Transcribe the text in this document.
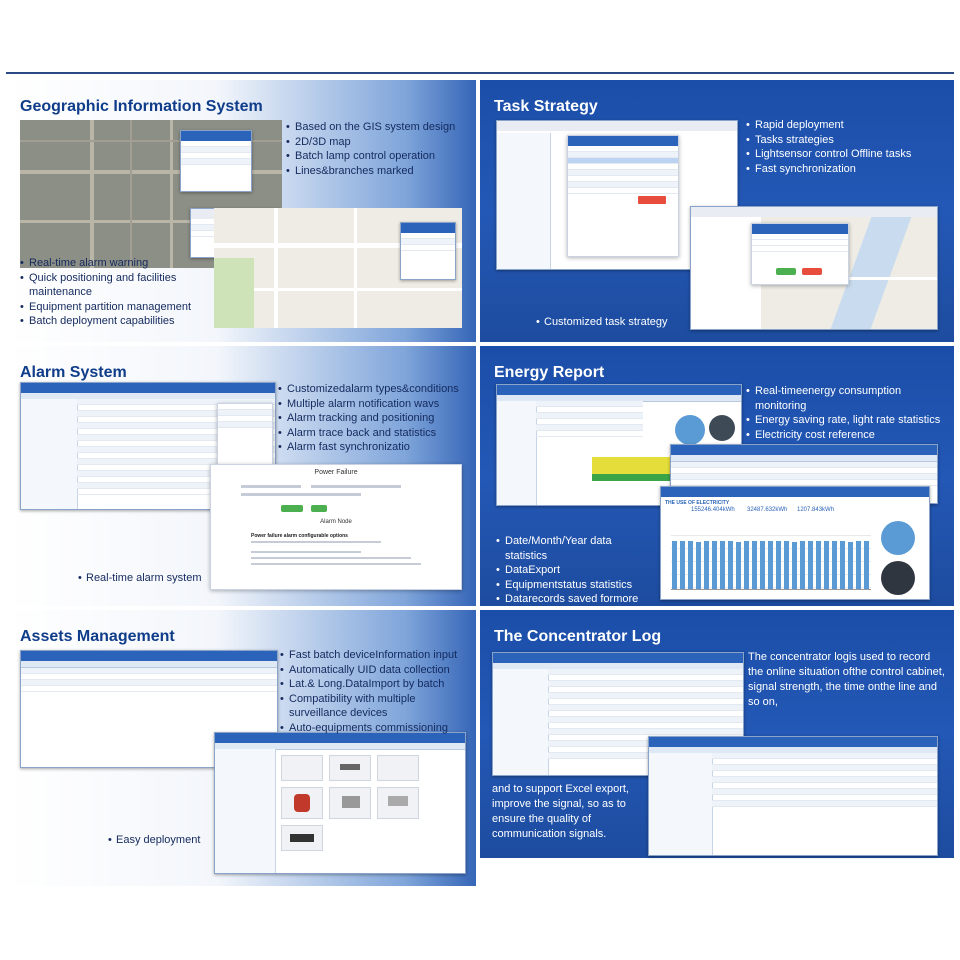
Geographic Information System
• Based on the GIS system design
• 2D/3D map
• Batch lamp control operation
• Lines&branches marked
• Real-time alarm warning
• Quick positioning and facilities maintenance
• Equipment partition management
• Batch deployment capabilities
Task Strategy
• Rapid deployment
• Tasks strategies
• Lightsensor control Offline tasks
• Fast synchronization
Customized task strategy
•
Alarm System
Power Failure
Alarm Node
Power failure alarm configurable options
• Customizedalarm types&conditions
• Multiple alarm notification wavs
• Alarm tracking and positioning
• Alarm trace back and statistics
• Alarm fast synchronizatio
• Real-time alarm system
Energy Report
THE USE OF ELECTRICITY
155246.404kWh 32487.632kWh 1207.843kWh
• Real-timeenergy consumption monitoring
• Energy saving rate, light rate statistics
• Electricity cost reference
• Date/Month/Year data statistics
• DataExport
• Equipmentstatus statistics
• Datarecords saved formore
Assets Management
• Fast batch deviceInformation input
• Automatically UID data collection
• Lat.& Long.DataImport by batch
• Compatibility with multiple surveillance devices
• Auto-equipments commissioning
• Easy deployment
The Concentrator Log
The concentrator logis used to record the online situation ofthe control cabinet, signal strength, the time onthe line and so on,
and to support Excel export, improve the signal, so as to ensure the quality of communication signals.
